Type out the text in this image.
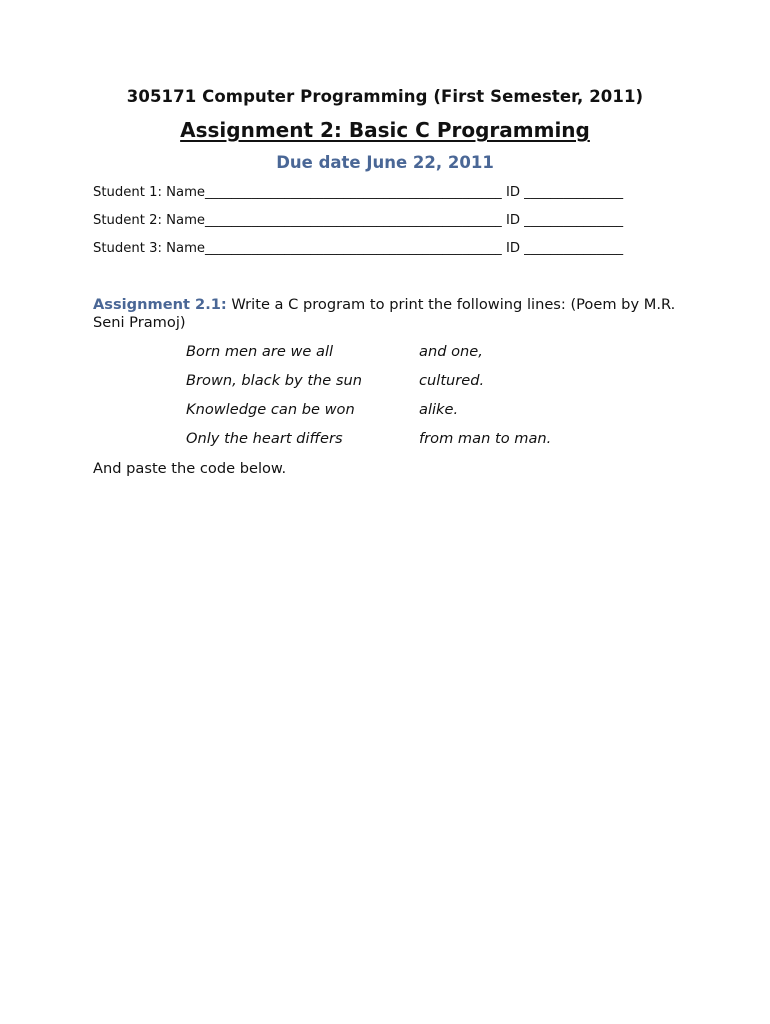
305171 Computer Programming (First Semester, 2011)
Assignment 2: Basic C Programming
Due date June 22, 2011
Student 1: Name_____________________________________________ ID _______________
Student 2: Name_____________________________________________ ID _______________
Student 3: Name_____________________________________________ ID _______________
Assignment 2.1: Write a C program to print the following lines: (Poem by M.R. Seni Pramoj)
Born men are we all	and one,
Brown, black by the sun	cultured.
Knowledge can be won	alike.
Only the heart differs	from man to man.
And paste the code below.
